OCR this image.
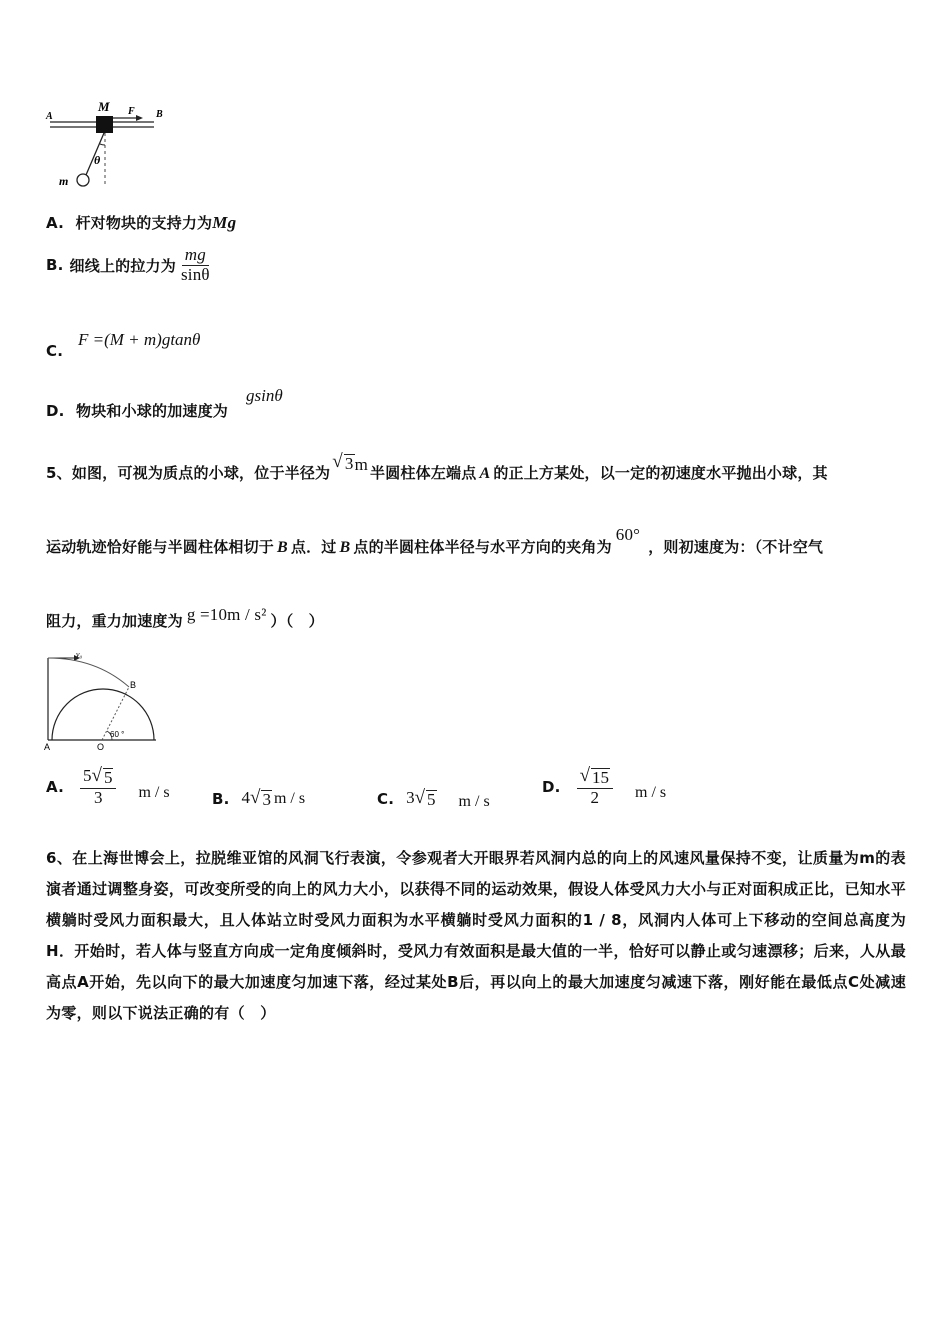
A
M F B
θ
m
A. 杆对物块的支持力为Mg
B. 细线上的拉力为 $\frac{mg}{\sin\theta}$
C.
F =(M + m)gtanθ
D. 物块和小球的加速度为
gsinθ
5、 如图，可视为质点的小球，位于半径为
√ 3 m 半圆柱体左端点 A 的正上方某处，以一定的初速度水平抛出小球，其
运动轨迹恰好能与半圆柱体相切于 B 点．过 B 点的半圆柱体半径与水平方向的夹角为
60°
，则初速度为：（不计空气
阻力，重力加速度为 g =10m / s² ）（　）
v₀
B
A	O
60 °
A. $\frac{5 √ 5}{3}$ m / s	B. 4 √ 3 m / s	C. 3 √ 5 m / s
D. $\frac{√ 15}{2}$ m / s
6、在上海世博会上，拉脱维亚馆的风洞飞行表演，令参观者大开眼界若风洞内总的向上的风速风量保持不变，让质量为m的表演者通过调整身姿，可改变所受的向上的风力大小，以获得不同的运动效果，假设人体受风力大小与正对面积成正比，已知水平横躺时受风力面积最大，且人体站立时受风力面积为水平横躺时受风力面积的1 / 8，风洞内人体可上下移动的空间总高度为H．开始时，若人体与竖直方向成一定角度倾斜时，受风力有效面积是最大值的一半，恰好可以静止或匀速漂移；后来，人从最高点A开始，先以向下的最大加速度匀加速下落，经过某处B后，再以向上的最大加速度匀减速下落，刚好能在最低点C处减速为零，则以下说法正确的有（　）
